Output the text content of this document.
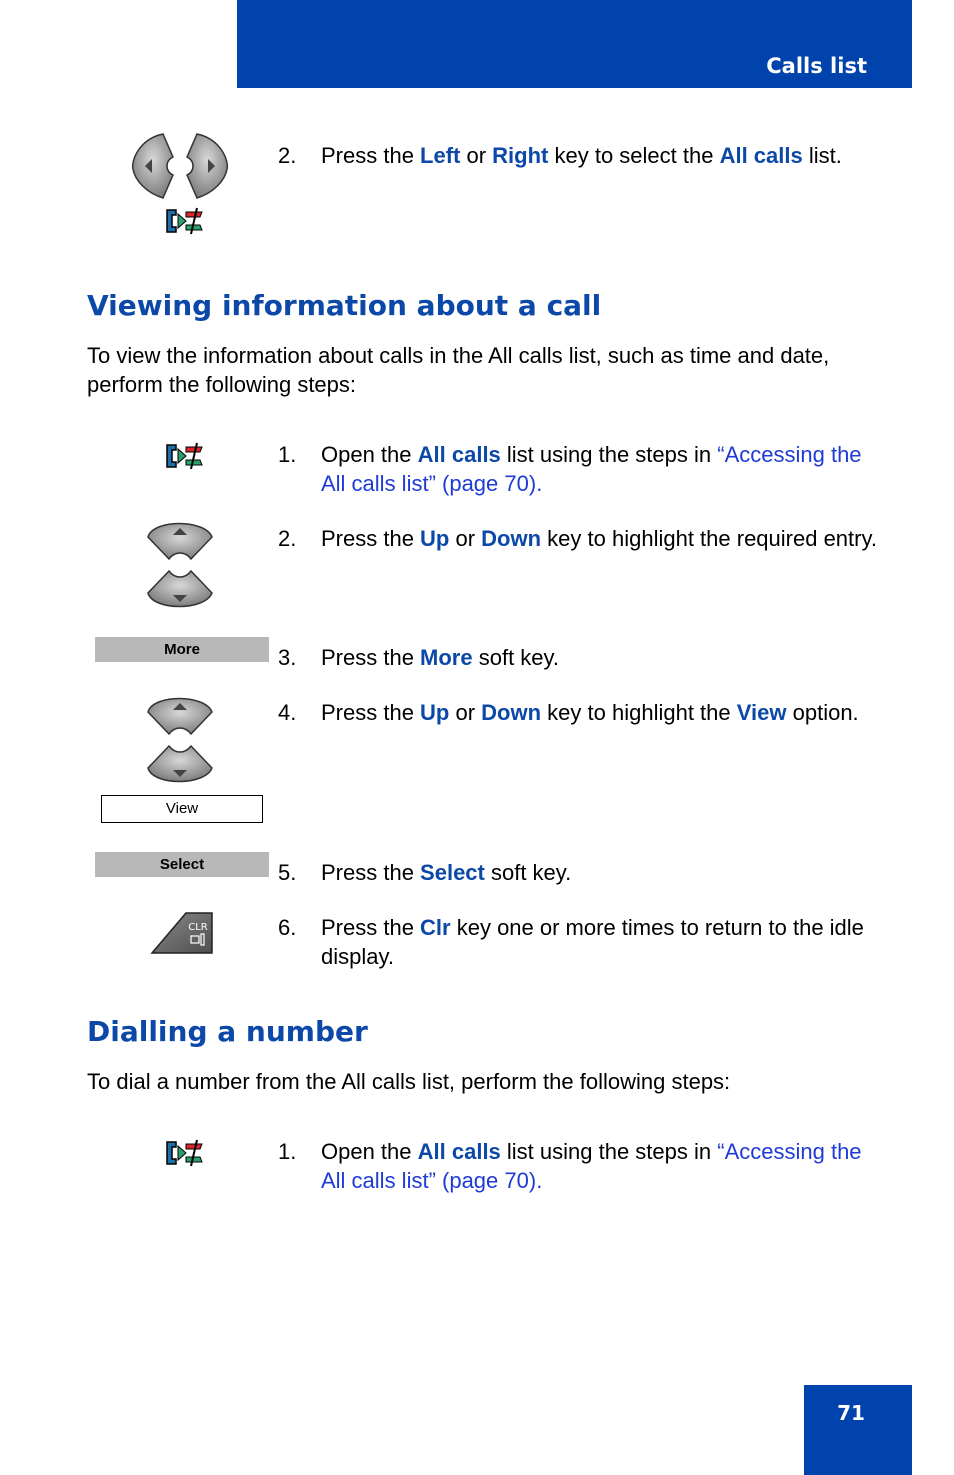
Calls list
2. Press the Left or Right key to select the All calls list.
Viewing information about a call

To view the information about calls in the All calls list, such as time and date, perform the following steps:

More
View
Select
CLR
1. Open the All calls list using the steps in “Accessing the All calls list” (page 70).
2. Press the Up or Down key to highlight the required entry.
3. Press the More soft key.
4. Press the Up or Down key to highlight the View option.
5. Press the Select soft key.
6. Press the Clr key one or more times to return to the idle display.
Dialling a number

To dial a number from the All calls list, perform the following steps:

1. Open the All calls list using the steps in “Accessing the All calls list” (page 70).
71
